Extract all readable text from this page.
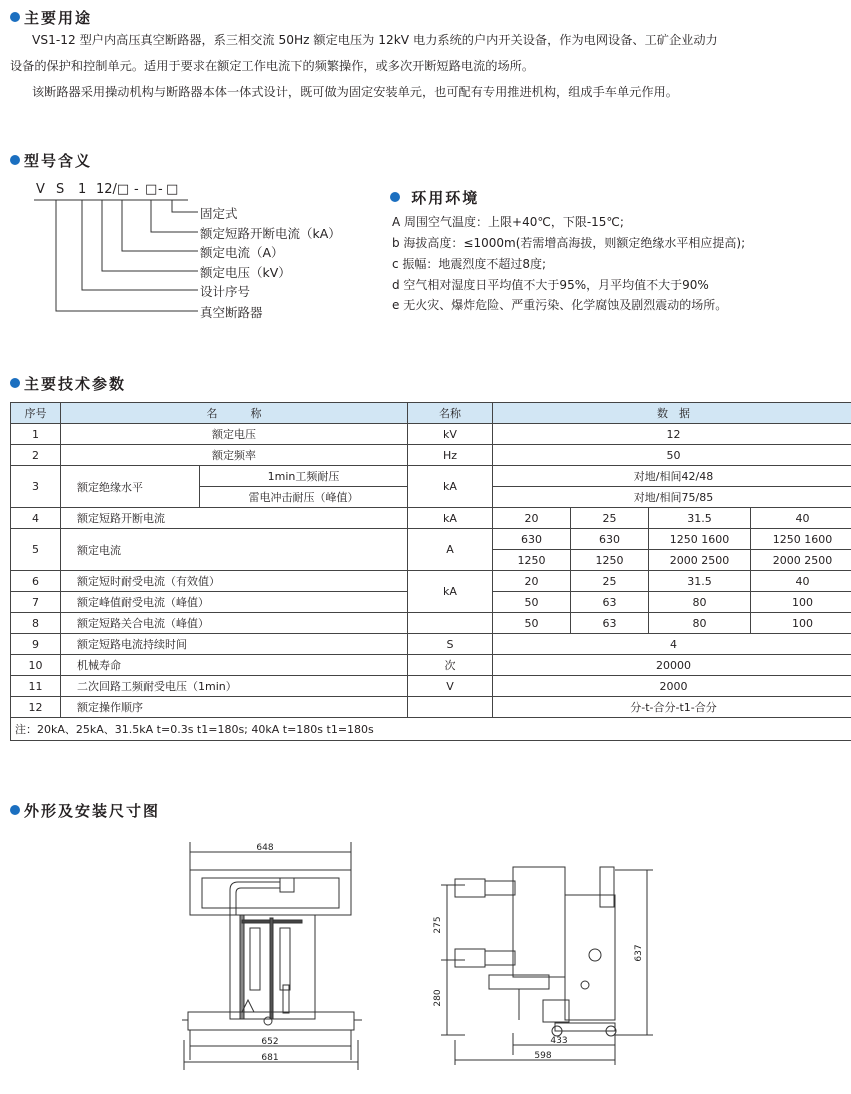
主要用途
VS1-12 型户内高压真空断路器，系三相交流 50Hz 额定电压为 12kV 电力系统的户内开关设备，作为电网设备、工矿企业动力
设备的保护和控制单元。适用于要求在额定工作电流下的频繁操作，或多次开断短路电流的场所。
该断路器采用操动机构与断路器本体一体式设计，既可做为固定安装单元，也可配有专用推进机构，组成手车单元作用。
型号含义
V S 1 12/□ - □ - □
固定式
额定短路开断电流（kA）
额定电流（A）
额定电压（kV）
设计序号
真空断路器
环用环境
A 周围空气温度：上限+40℃，下限-15℃;
b 海拔高度：≤1000m(若需增高海拔，则额定绝缘水平相应提高);
c 振幅：地震烈度不超过8度;
d 空气相对湿度日平均值不大于95%，月平均值不大于90%
e 无火灾、爆炸危险、严重污染、化学腐蚀及剧烈震动的场所。
主要技术参数
序号	名　　　称		名称	数　据			
1	额定电压		kV	12			
2	额定频率		Hz	50			
3	额定绝缘水平	1min工频耐压	kA	对地/相间42/48			
		雷电冲击耐压（峰值）		对地/相间75/85			
4	额定短路开断电流		kA	20	25	31.5	40
5	额定电流		A	630	630	1250 1600	1250 1600
				1250	1250	2000 2500	2000 2500
6	额定短时耐受电流（有效值）		kA	20	25	31.5	40
7	额定峰值耐受电流（峰值）			50	63	80	100
8	额定短路关合电流（峰值）			50	63	80	100
9	额定短路电流持续时间		S	4			
10	机械寿命		次	20000			
11	二次回路工频耐受电压（1min）		V	2000			
12	额定操作顺序			分-t-合分-t1-合分			
注：20kA、25kA、31.5kA t=0.3s t1=180s; 40kA t=180s t1=180s							
外形及安装尺寸图
648
652
681
275
280
637
433
598
